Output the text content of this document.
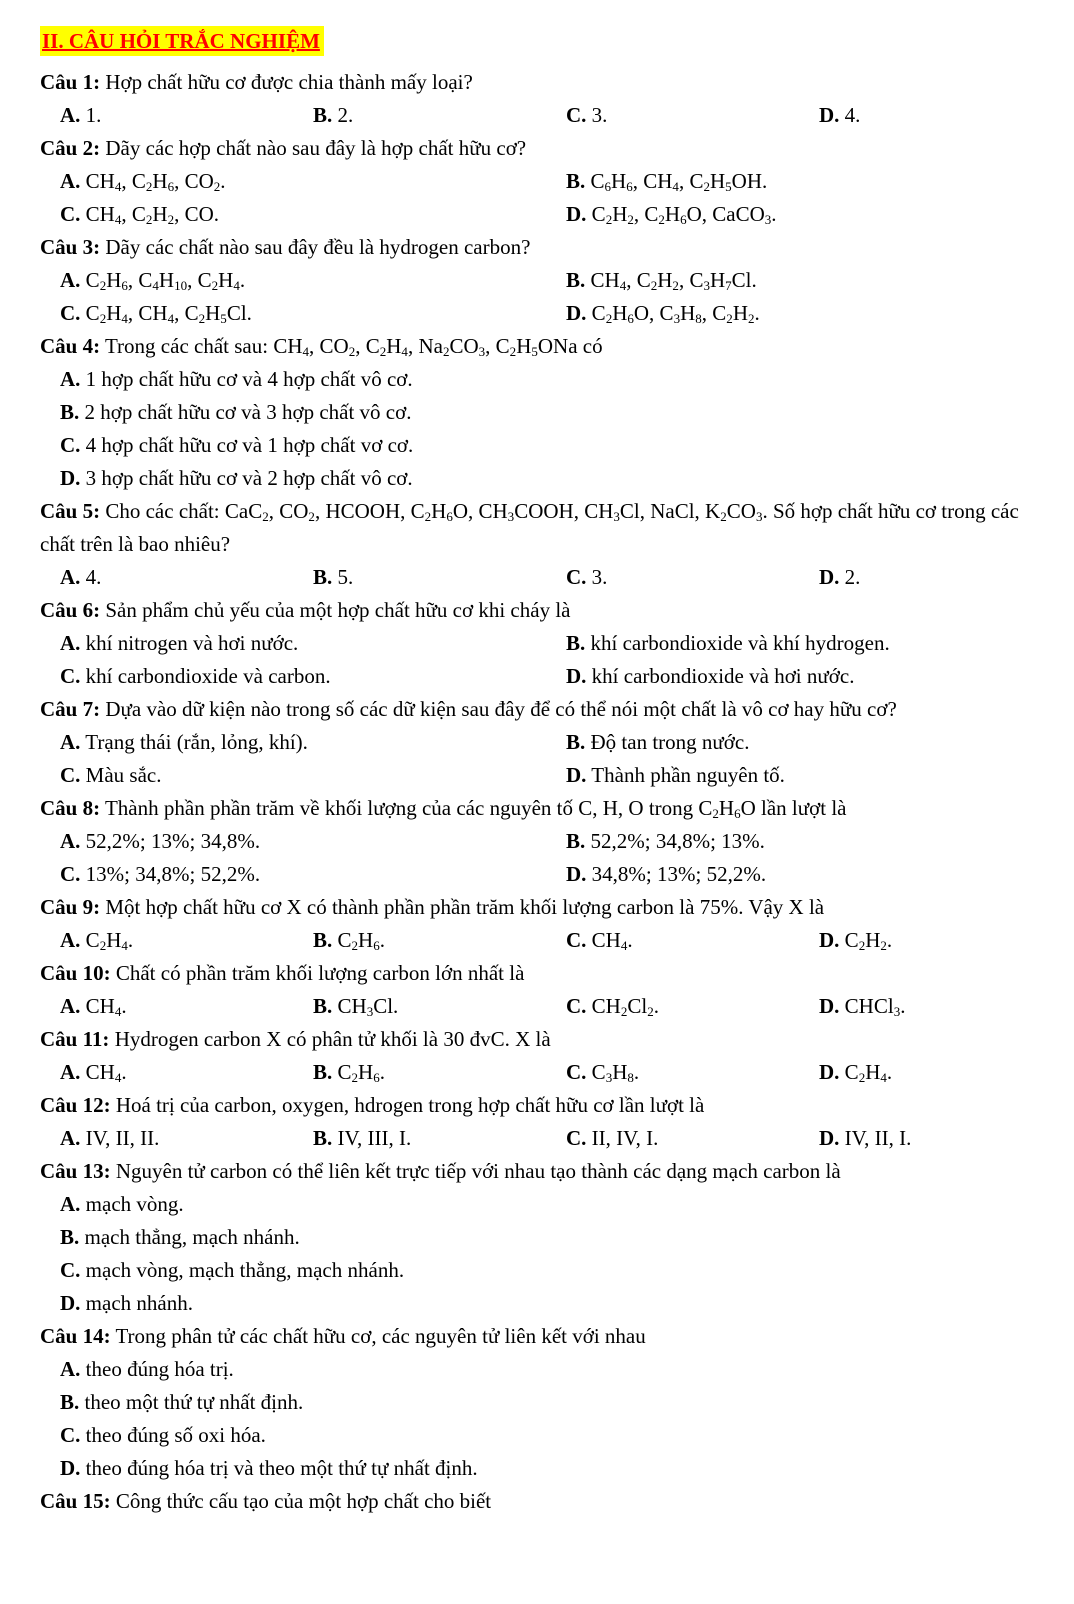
II. CÂU HỎI TRẮC NGHIỆM

Câu 1: Hợp chất hữu cơ được chia thành mấy loại?

A. 1.	B. 2.	C. 3.	D. 4.

Câu 2: Dãy các hợp chất nào sau đây là hợp chất hữu cơ?

A. $CH_4$, $C_2H_6$, $CO_2$.	B. $C_6H_6$, $CH_4$, $C_2H_5OH$.
C. $CH_4$, $C_2H_2$, CO.	D. $C_2H_2$, $C_2H_6O$, CaCO$_3$.

Câu 3: Dãy các chất nào sau đây đều là hydrogen carbon?

A. $C_2H_6$, $C_4H_{10}$, $C_2H_4$.	B. $CH_4$, $C_2H_2$, $C_3H_7Cl$.
C. $C_2H_4$, $CH_4$, $C_2H_5Cl$.	D. $C_2H_6O$, $C_3H_8$, $C_2H_2$.

Câu 4: Trong các chất sau: $CH_4$, $CO_2$, $C_2H_4$, $Na_2CO_3$, $C_2H_5ONa$ có

A. 1 hợp chất hữu cơ và 4 hợp chất vô cơ.
B. 2 hợp chất hữu cơ và 3 hợp chất vô cơ.
C. 4 hợp chất hữu cơ và 1 hợp chất vơ cơ.
D. 3 hợp chất hữu cơ và 2 hợp chất vô cơ.

Câu 5: Cho các chất: CaC$_2$, $CO_2$, HCOOH, $C_2H_6O$, $CH_3COOH$, $CH_3Cl$, NaCl, $K_2CO_3$. Số hợp chất hữu cơ trong các chất trên là bao nhiêu?

A. 4.	B. 5.	C. 3.	D. 2.

Câu 6: Sản phẩm chủ yếu của một hợp chất hữu cơ khi cháy là

A. khí nitrogen và hơi nước.	B. khí carbondioxide và khí hydrogen.
C. khí carbondioxide và carbon.	D. khí carbondioxide và hơi nước.

Câu 7: Dựa vào dữ kiện nào trong số các dữ kiện sau đây để có thể nói một chất là vô cơ hay hữu cơ?

A. Trạng thái (rắn, lỏng, khí).	B. Độ tan trong nước.
C. Màu sắc.	D. Thành phần nguyên tố.

Câu 8: Thành phần phần trăm về khối lượng của các nguyên tố C, H, O trong $C_2H_6O$ lần lượt là

A. 52,2%; 13%; 34,8%.	B. 52,2%; 34,8%; 13%.
C. 13%; 34,8%; 52,2%.	D. 34,8%; 13%; 52,2%.

Câu 9: Một hợp chất hữu cơ X có thành phần phần trăm khối lượng carbon là 75%. Vậy X là

A. $C_2H_4$.	B. $C_2H_6$.	C. $CH_4$.	D. $C_2H_2$.

Câu 10: Chất có phần trăm khối lượng carbon lớn nhất là

A. $CH_4$.	B. $CH_3Cl$.	C. $CH_2Cl_2$.	D. CHCl$_3$.

Câu 11: Hydrogen carbon X có phân tử khối là 30 đvC. X là

A. $CH_4$.	B. $C_2H_6$.	C. $C_3H_8$.	D. $C_2H_4$.

Câu 12: Hoá trị của carbon, oxygen, hdrogen trong hợp chất hữu cơ lần lượt là

A. IV, II, II.	B. IV, III, I.	C. II, IV, I.	D. IV, II, I.

Câu 13: Nguyên tử carbon có thể liên kết trực tiếp với nhau tạo thành các dạng mạch carbon là

A. mạch vòng.
B. mạch thẳng, mạch nhánh.
C. mạch vòng, mạch thẳng, mạch nhánh.
D. mạch nhánh.

Câu 14: Trong phân tử các chất hữu cơ, các nguyên tử liên kết với nhau

A. theo đúng hóa trị.
B. theo một thứ tự nhất định.
C. theo đúng số oxi hóa.
D. theo đúng hóa trị và theo một thứ tự nhất định.

Câu 15: Công thức cấu tạo của một hợp chất cho biết
